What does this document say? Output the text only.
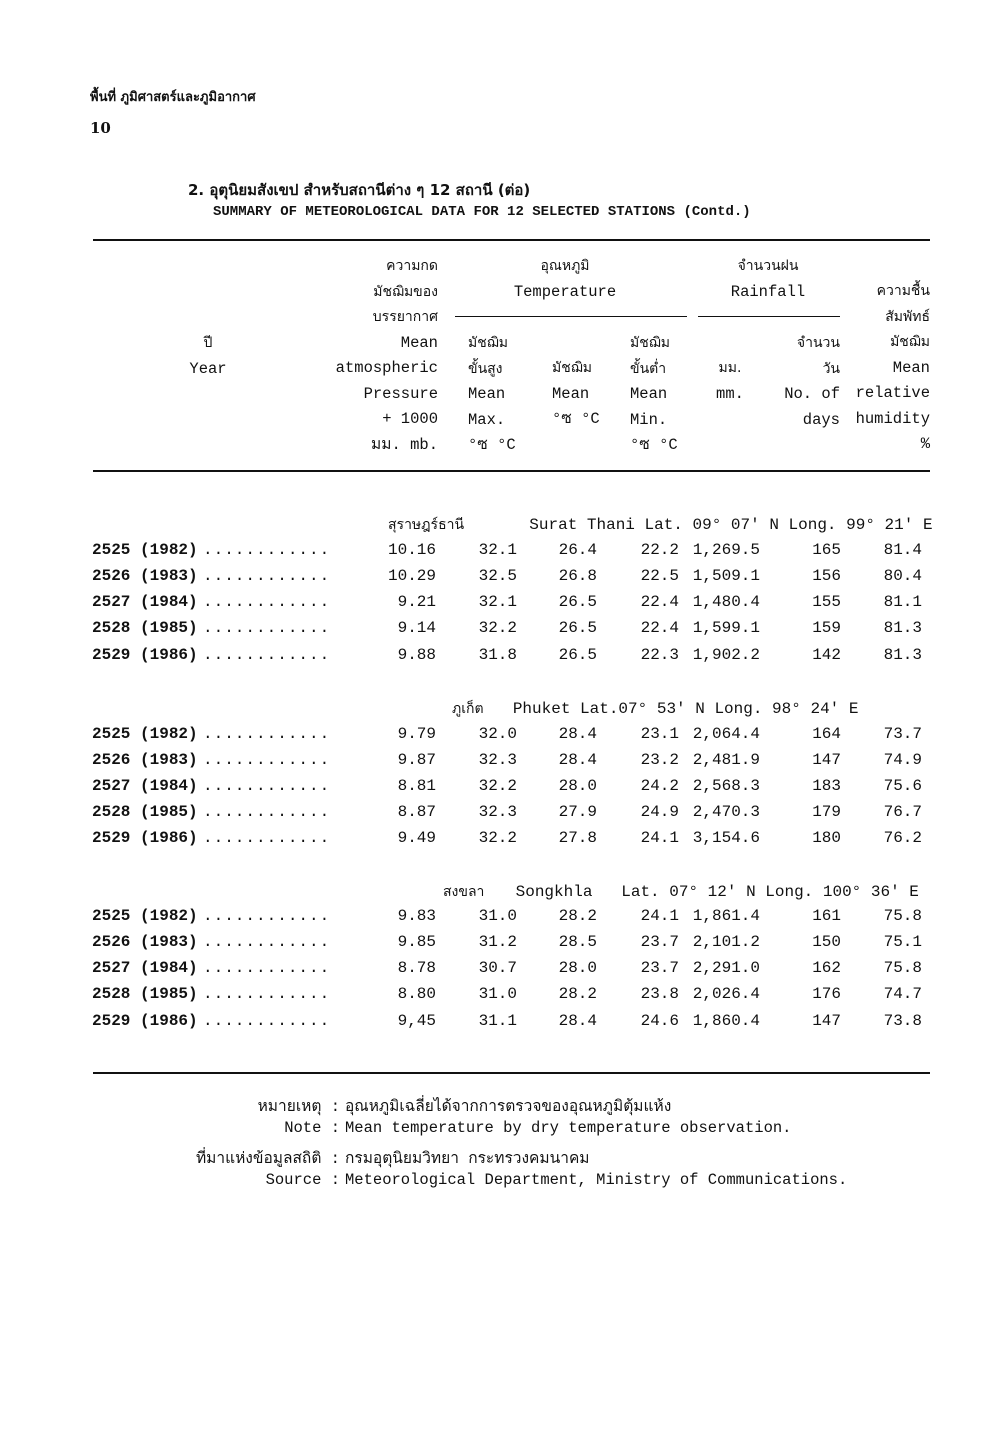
พื้นที่ ภูมิศาสตร์และภูมิอากาศ
10
2. อุตุนิยมสังเขป สำหรับสถานีต่าง ๆ 12 สถานี (ต่อ)
SUMMARY OF METEOROLOGICAL DATA FOR 12 SELECTED STATIONS (Contd.)
ปี
Year
ความกด
มัชฌิมของ
บรรยากาศ
Mean
atmospheric
Pressure
+ 1000
มม. mb.
อุณหภูมิ
Temperature
มัชฌิม
ขั้นสูง
Mean
Max.
°ซ °C
มัชฌิม
Mean
°ซ °C
มัชฌิม
ขั้นต่ำ
Mean
Min.
°ซ °C
จำนวนฝน
Rainfall
มม.
mm.
จำนวน
วัน
No. of
days
ความชื้น
สัมพัทธ์
มัชฌิม
Mean
relative
humidity
%
สุราษฎร์ธานี	Surat Thani Lat. 09° 07' N Long. 99° 21' E
2525 (1982) ............	10.16	32.1	26.4	22.2 1,269.5	165	81.4
2526 (1983) ............	10.29	32.5	26.8	22.5 1,509.1	156	80.4
2527 (1984) ............	9.21	32.1	26.5	22.4 1,480.4	155	81.1
2528 (1985) ............	9.14	32.2	26.5	22.4 1,599.1	159	81.3
2529 (1986) ............	9.88	31.8	26.5	22.3 1,902.2	142	81.3
ภูเก็ต Phuket Lat.07° 53' N Long. 98° 24' E
2525 (1982) ............	9.79	32.0	28.4	23.1 2,064.4	164	73.7
2526 (1983) ............	9.87	32.3	28.4	23.2 2,481.9	147	74.9
2527 (1984) ............	8.81	32.2	28.0	24.2 2,568.3	183	75.6
2528 (1985) ............	8.87	32.3	27.9	24.9 2,470.3	179	76.7
2529 (1986) ............	9.49	32.2	27.8	24.1 3,154.6	180	76.2
สงขลา Songkhla   Lat. 07° 12' N Long. 100° 36' E
2525 (1982) ............	9.83	31.0	28.2	24.1 1,861.4	161	75.8
2526 (1983) ............	9.85	31.2	28.5	23.7 2,101.2	150	75.1
2527 (1984) ............	8.78	30.7	28.0	23.7 2,291.0	162	75.8
2528 (1985) ............	8.80	31.0	28.2	23.8 2,026.4	176	74.7
2529 (1986) ............	9,45	31.1	28.4	24.6 1,860.4	147	73.8
หมายเหตุ : อุณหภูมิเฉลี่ยได้จากการตรวจของอุณหภูมิตุ้มแห้ง
Note : Mean temperature by dry temperature observation.
ที่มาแห่งข้อมูลสถิติ : กรมอุตุนิยมวิทยา กระทรวงคมนาคม
Source : Meteorological Department, Ministry of Communications.
